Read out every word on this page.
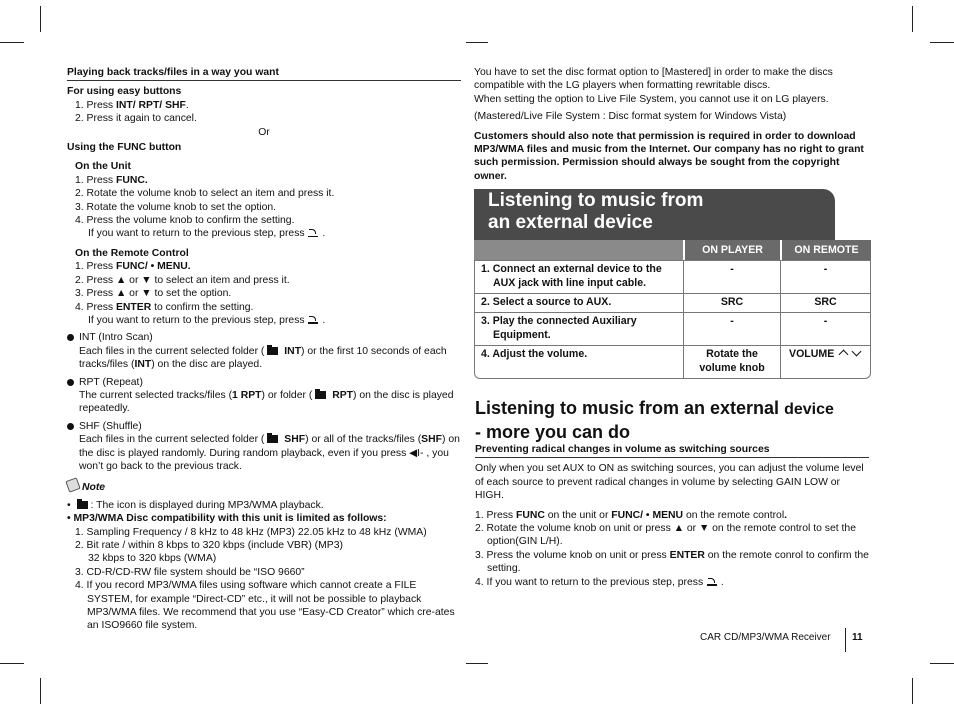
Playing back tracks/files in a way you want

For using easy buttons

1. Press INT/ RPT/ SHF.

2. Press it again to cancel.

Or

Using the FUNC button

On the Unit

1. Press FUNC.

2. Rotate the volume knob to select an item and press it.

3. Rotate the volume knob to set the option.

4. Press the volume knob to confirm the setting.

If you want to return to the previous step, press  .

On the Remote Control

1. Press FUNC/ • MENU.

2. Press ▲ or ▼ to select an item and press it.

3. Press ▲ or ▼ to set the option.

4. Press ENTER to confirm the setting.

If you want to return to the previous step, press  .

INT (Intro Scan)

Each files in the current selected folder ( INT) or the first 10 seconds of each tracks/files (INT) on the disc are played.

RPT (Repeat)

The current selected tracks/files (1 RPT) or folder ( RPT) on the disc is played repeatedly.

SHF (Shuffle)

Each files in the current selected folder ( SHF) or all of the tracks/files (SHF) on the disc is played randomly. During random playback, even if you press ◀I- , you won’t go back to the previous track.

Note

• : The icon is displayed during MP3/WMA playback.

• MP3/WMA Disc compatibility with this unit is limited as follows:

1. Sampling Frequency / 8 kHz to 48 kHz (MP3) 22.05 kHz to 48 kHz (WMA)

2. Bit rate / within 8 kbps to 320 kbps (include VBR) (MP3)

32 kbps to 320 kbps (WMA)

3. CD-R/CD-RW file system should be “ISO 9660”

4. If you record MP3/WMA files using software which cannot create a FILE SYSTEM, for example “Direct-CD” etc., it will not be possible to playback MP3/WMA files. We recommend that you use “Easy-CD Creator” which cre-ates an ISO9660 file system.

You have to set the disc format option to [Mastered] in order to make the discs compatible with the LG players when formatting rewritable discs.

When setting the option to Live File System, you cannot use it on LG players.

(Mastered/Live File System : Disc format system for Windows Vista)

Customers should also note that permission is required in order to download MP3/WMA files and music from the Internet. Our company has no right to grant such permission. Permission should always be sought from the copyright owner.

Listening to music from
an external device
	ON PLAYER	ON REMOTE
1. Connect an external device to the AUX jack with line input cable.	-	-
2. Select a source to AUX.	SRC	SRC
3. Play the connected Auxiliary Equipment.	-	-
4. Adjust the volume.	Rotate the volume knob	VOLUME
Listening to music from an external device
- more you can do

Preventing radical changes in volume as switching sources

Only when you set AUX to ON as switching sources, you can adjust the volume level of each source to prevent radical changes in volume by selecting GAIN LOW or HIGH.

1. Press FUNC on the unit or FUNC/ • MENU on the remote control.

2. Rotate the volume knob on unit or press ▲ or ▼ on the remote control to set the option(GIN L/H).

3. Press the volume knob on unit or press ENTER on the remote conrol to confirm the setting.

4. If you want to return to the previous step, press  .

CAR CD/MP3/WMA Receiver 11
